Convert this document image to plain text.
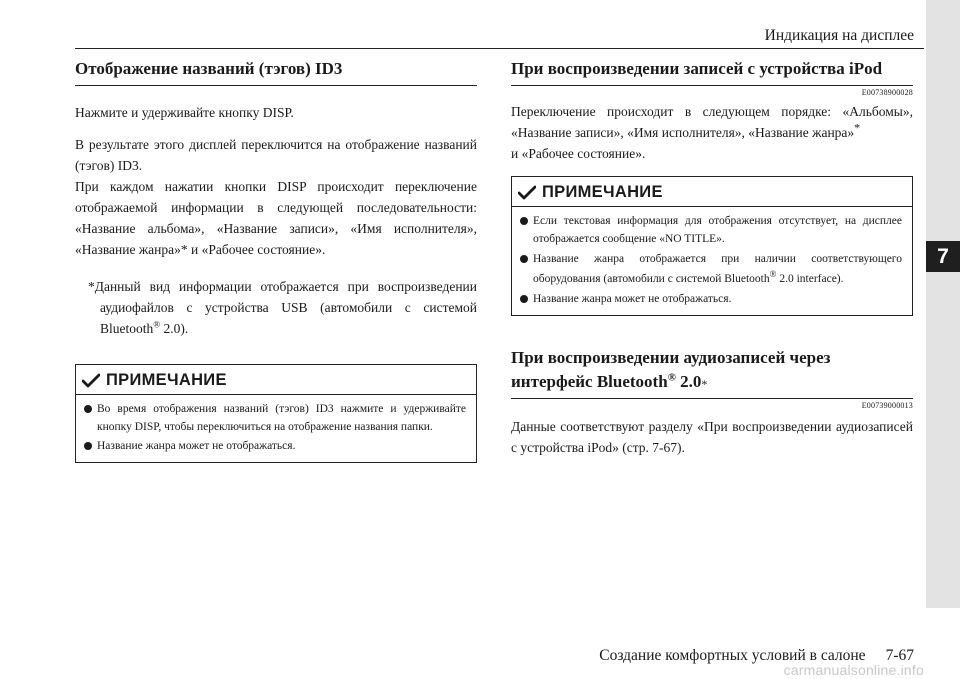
Индикация на дисплее
7
Отображение названий (тэгов) ID3
Нажмите и удерживайте кнопку DISP.
В результате этого дисплей переключится на отображение названий (тэгов) ID3.
При каждом нажатии кнопки DISP происходит переключение отображаемой информации в следующей последовательности: «Название альбома», «Название записи», «Имя исполнителя», «Название жанра»* и «Рабочее состояние».
*Данный вид информации отображается при воспроизведении аудиофайлов с устройства USB (автомобили с системой Bluetooth® 2.0).
ПРИМЕЧАНИЕ
Во время отображения названий (тэгов) ID3 нажмите и удерживайте кнопку DISP, чтобы переключиться на отображение названия папки.
Название жанра может не отображаться.
При воспроизведении записей с устройства iPod
E00738900028
Переключение происходит в следующем порядке: «Альбомы», «Название записи», «Имя исполнителя», «Название жанра»*
и «Рабочее состояние».
ПРИМЕЧАНИЕ
Если текстовая информация для отображения отсутствует, на дисплее отображается сообщение «NO TITLE».
Название жанра отображается при наличии соответствующего оборудования (автомобили с системой Bluetooth® 2.0 interface).
Название жанра может не отображаться.
При воспроизведении аудиозаписей через
интерфейс Bluetooth® 2.0*
E00739000013
Данные соответствуют разделу «При воспроизведении аудиозаписей с устройства iPod» (стр. 7-67).
Создание комфортных условий в салоне 7-67
carmanualsonline.info
